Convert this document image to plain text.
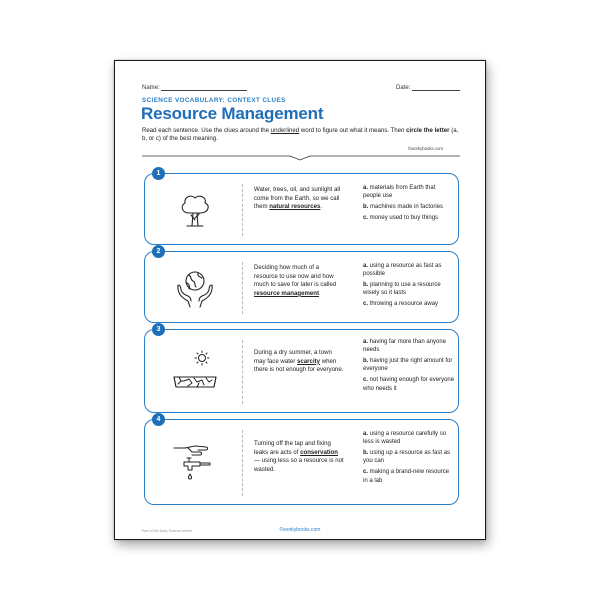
Name:	Date:
SCIENCE VOCABULARY: CONTEXT CLUES
Resource Management
Read each sentence. Use the clues around the underlined word to figure out what it means. Then circle the letter (a, b, or c) of the best meaning.
©workybooks.com
1
Water, trees, oil, and sunlight all come from the Earth, so we call them natural resources.
a. materials from Earth that people use
b. machines made in factories
c. money used to buy things
2
Deciding how much of a resource to use now and how much to save for later is called resource management.
a. using a resource as fast as possible
b. planning to use a resource wisely so it lasts
c. throwing a resource away
3
During a dry summer, a town may face water scarcity when there is not enough for everyone.
a. having far more than anyone needs
b. having just the right amount for everyone
c. not having enough for everyone who needs it
4
Turning off the tap and fixing leaks are acts of conservation — using less so a resource is not wasted.
a. using a resource carefully so less is wasted
b. using up a resource as fast as you can
c. making a brand-new resource in a lab
Part of the Daily Science series	©workybooks.com
